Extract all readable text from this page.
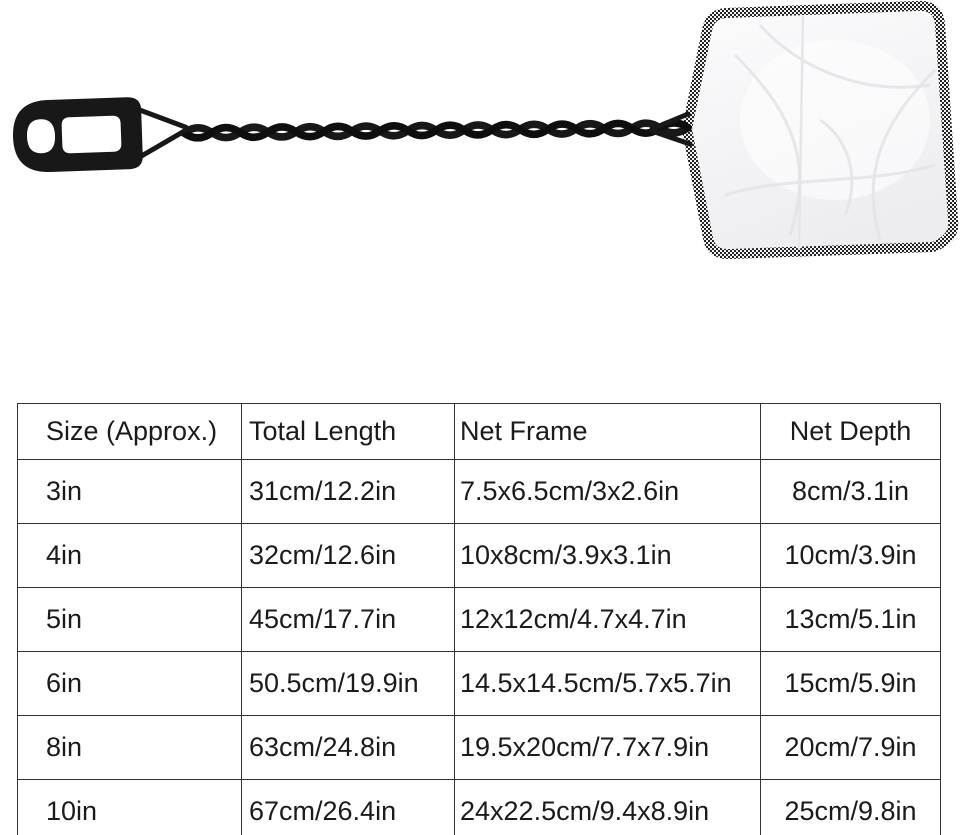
Size (Approx.)	Total Length	Net Frame	Net Depth
3in	31cm/12.2in	7.5x6.5cm/3x2.6in	8cm/3.1in
4in	32cm/12.6in	10x8cm/3.9x3.1in	10cm/3.9in
5in	45cm/17.7in	12x12cm/4.7x4.7in	13cm/5.1in
6in	50.5cm/19.9in	14.5x14.5cm/5.7x5.7in	15cm/5.9in
8in	63cm/24.8in	19.5x20cm/7.7x7.9in	20cm/7.9in
10in	67cm/26.4in	24x22.5cm/9.4x8.9in	25cm/9.8in
